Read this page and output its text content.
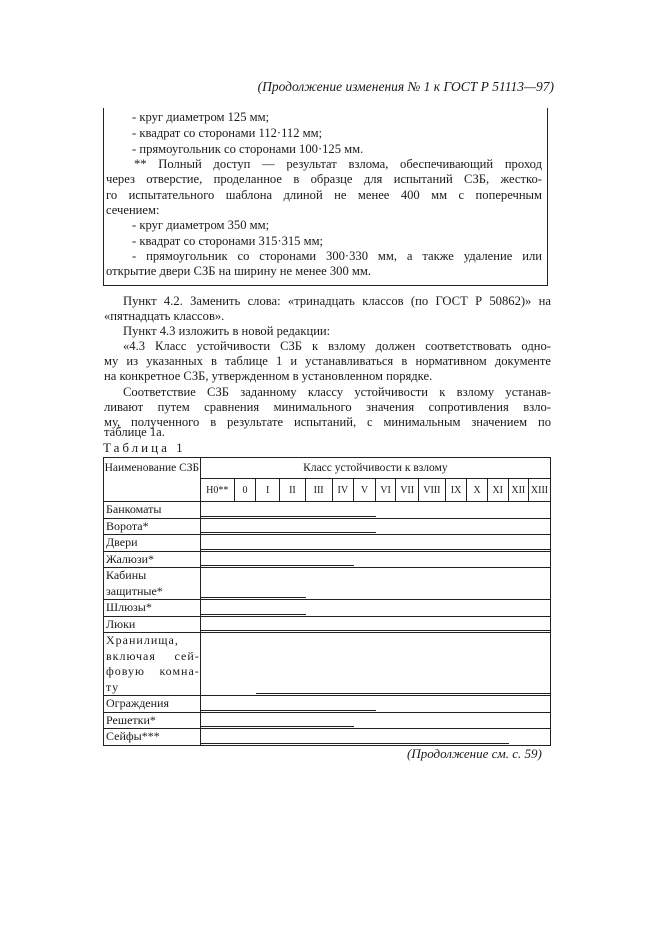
(Продолжение изменения № 1 к ГОСТ Р 51113—97)
- круг диаметром 125 мм;
- квадрат со сторонами 112·112 мм;
- прямоугольник со сторонами 100·125 мм.
** Полный доступ — результат взлома, обеспечивающий проход
через отверстие, проделанное в образце для испытаний СЗБ, жестко-
го испытательного шаблона длиной не менее 400 мм с поперечным
сечением:
- круг диаметром 350 мм;
- квадрат со сторонами 315·315 мм;
- прямоугольник со сторонами 300·330 мм, а также удаление или
открытие двери СЗБ на ширину не менее 300 мм.
Пункт 4.2. Заменить слова: «тринадцать классов (по ГОСТ Р 50862)» на
«пятнадцать классов».
Пункт 4.3 изложить в новой редакции:
«4.3 Класс устойчивости СЗБ к взлому должен соответствовать одно-
му из указанных в таблице 1 и устанавливаться в нормативном документе
на конкретное СЗБ, утвержденном в установленном порядке.
Соответствие СЗБ заданному классу устойчивости к взлому устанав-
ливают путем сравнения минимального значения сопротивления взло-
му, полученного в результате испытаний, с минимальным значением по
таблице 1а.
Таблица 1
Наименование СЗБ	Класс устойчивости к взлому														
	Н0**	0	I	II	III	IV	V	VI	VII	VIII	IX	X	XI	XII	XIII
Банкоматы															

Ворота*															

Двери															

Жалюзи*															

Кабины защитные*															

Шлюзы*															

Люки															

Хранилища, включая сей-фовую комна-ту															

Ограждения															

Решетки*															

Сейфы***															
(Продолжение см. с. 59)
